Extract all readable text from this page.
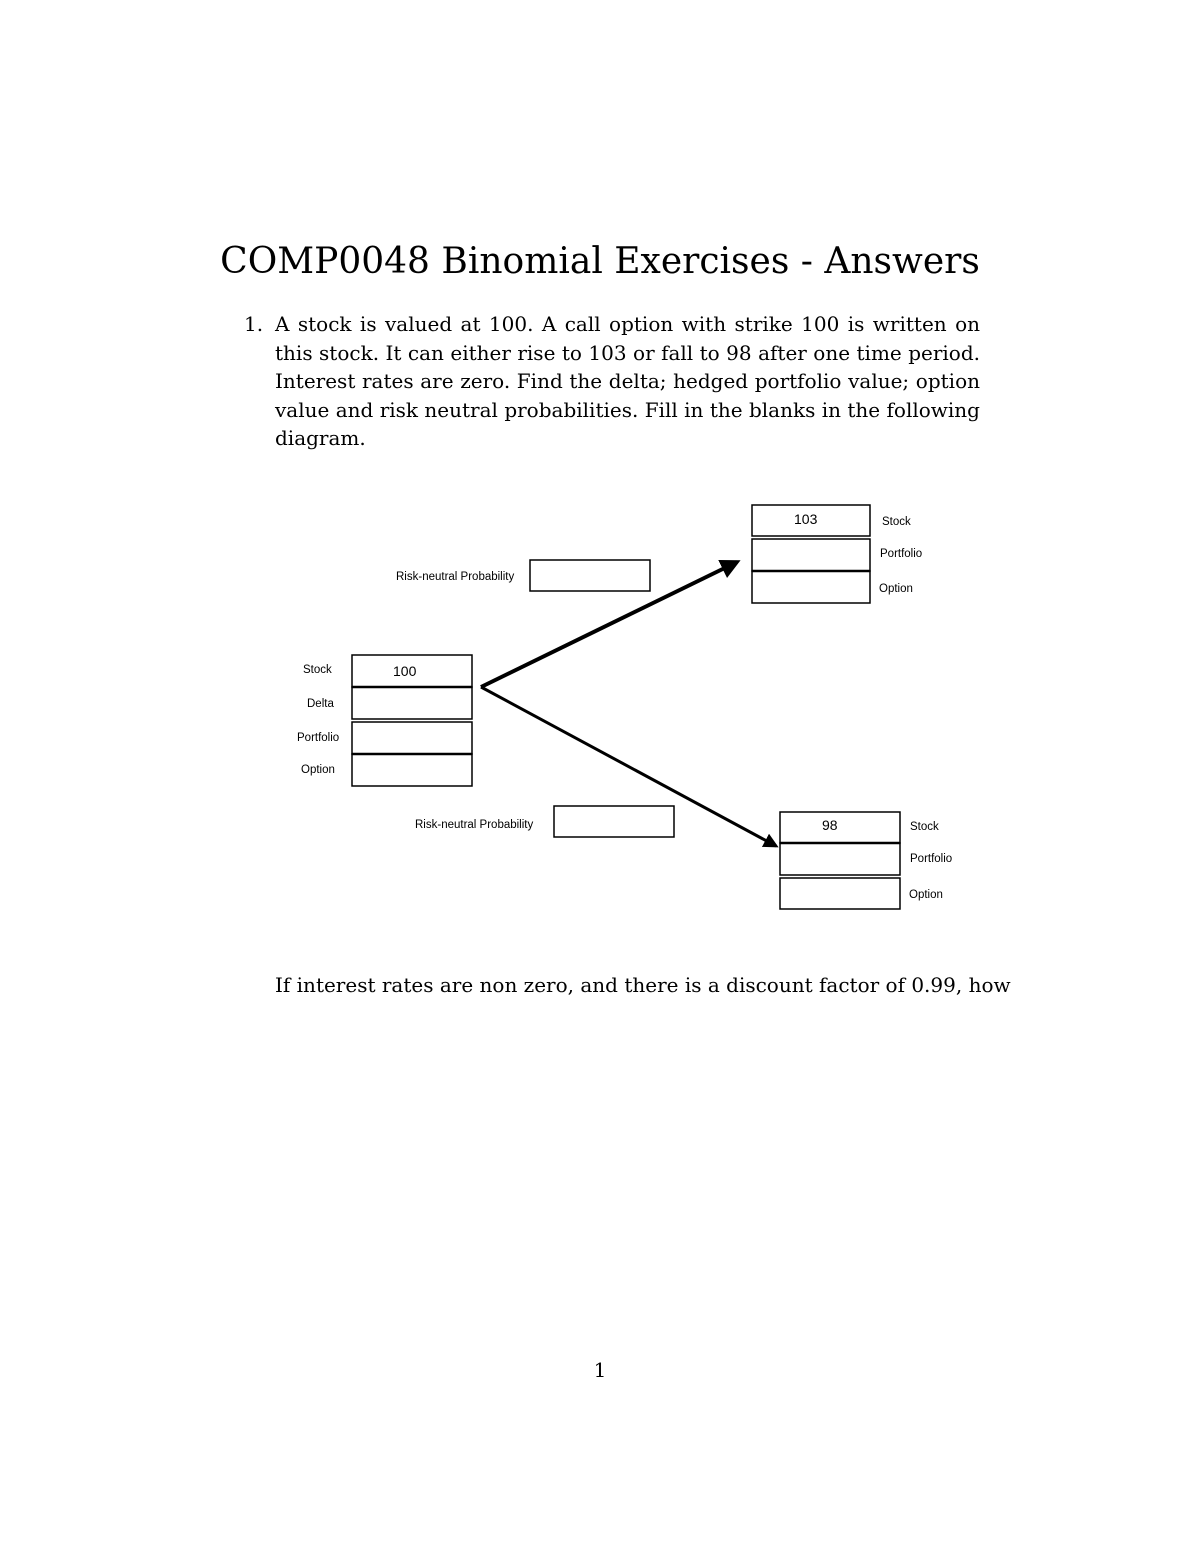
COMP0048 Binomial Exercises - Answers
1. A stock is valued at 100. A call option with strike 100 is written on this stock. It can either rise to 103 or fall to 98 after one time period. Interest rates are zero. Find the delta; hedged portfolio value; option value and risk neutral probabilities. Fill in the blanks in the following diagram.

100
Stock
Delta
Portfolio
Option
103	Stock
Portfolio
Option
98	Stock
Portfolio
Option
Risk-neutral Probability
Risk-neutral Probability
If interest rates are non zero, and there is a discount factor of 0.99, how
1
